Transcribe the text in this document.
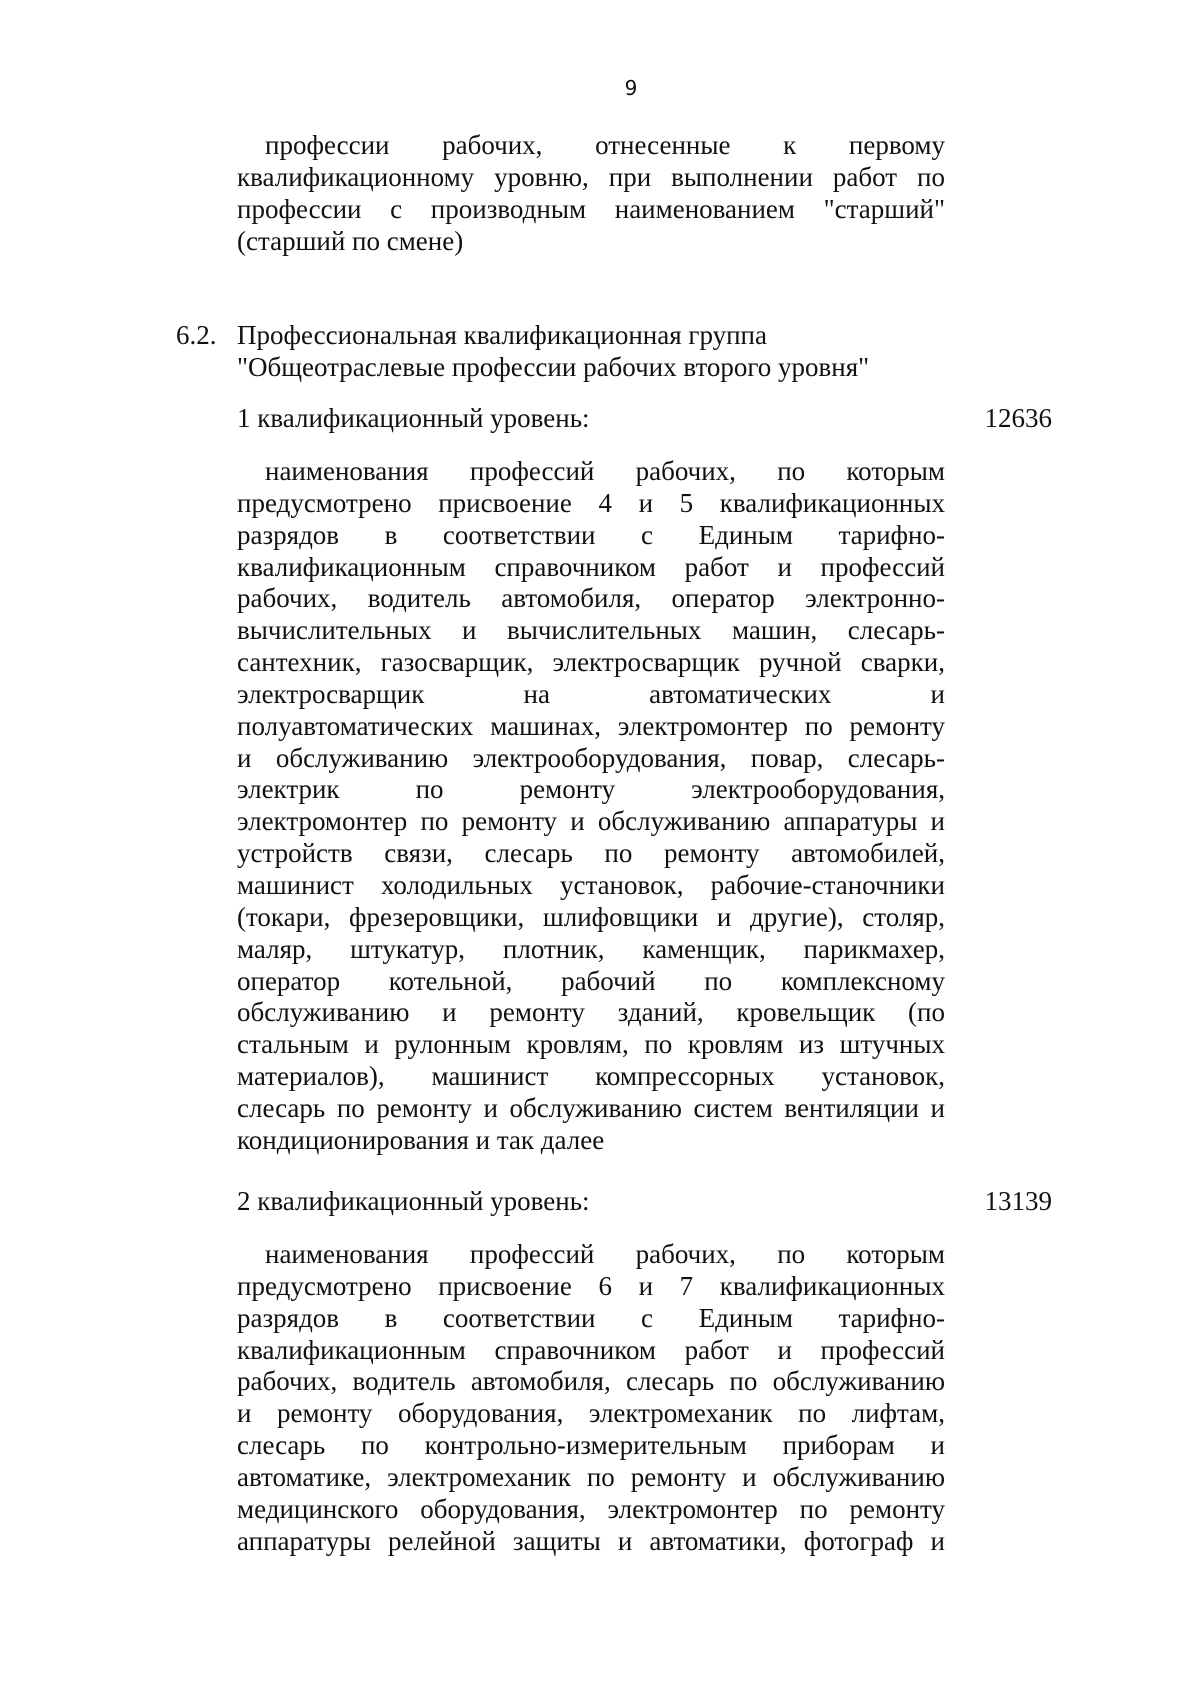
9
профессии рабочих, отнесенные к первому
квалификационному уровню, при выполнении работ по
профессии с производным наименованием "старший"
(старший по смене)
6.2. Профессиональная квалификационная группа
"Общеотраслевые профессии рабочих второго уровня"
1 квалификационный уровень:	12636
наименования профессий рабочих, по которым
предусмотрено присвоение 4 и 5 квалификационных
разрядов в соответствии с Единым тарифно-
квалификационным справочником работ и профессий
рабочих, водитель автомобиля, оператор электронно-
вычислительных и вычислительных машин, слесарь-
сантехник, газосварщик, электросварщик ручной сварки,
электросварщик на автоматических и
полуавтоматических машинах, электромонтер по ремонту
и обслуживанию электрооборудования, повар, слесарь-
электрик по ремонту электрооборудования,
электромонтер по ремонту и обслуживанию аппаратуры и
устройств связи, слесарь по ремонту автомобилей,
машинист холодильных установок, рабочие-станочники
(токари, фрезеровщики, шлифовщики и другие), столяр,
маляр, штукатур, плотник, каменщик, парикмахер,
оператор котельной, рабочий по комплексному
обслуживанию и ремонту зданий, кровельщик (по
стальным и рулонным кровлям, по кровлям из штучных
материалов), машинист компрессорных установок,
слесарь по ремонту и обслуживанию систем вентиляции и
кондиционирования и так далее
2 квалификационный уровень:	13139
наименования профессий рабочих, по которым
предусмотрено присвоение 6 и 7 квалификационных
разрядов в соответствии с Единым тарифно-
квалификационным справочником работ и профессий
рабочих, водитель автомобиля, слесарь по обслуживанию
и ремонту оборудования, электромеханик по лифтам,
слесарь по контрольно-измерительным приборам и
автоматике, электромеханик по ремонту и обслуживанию
медицинского оборудования, электромонтер по ремонту
аппаратуры релейной защиты и автоматики, фотограф и
